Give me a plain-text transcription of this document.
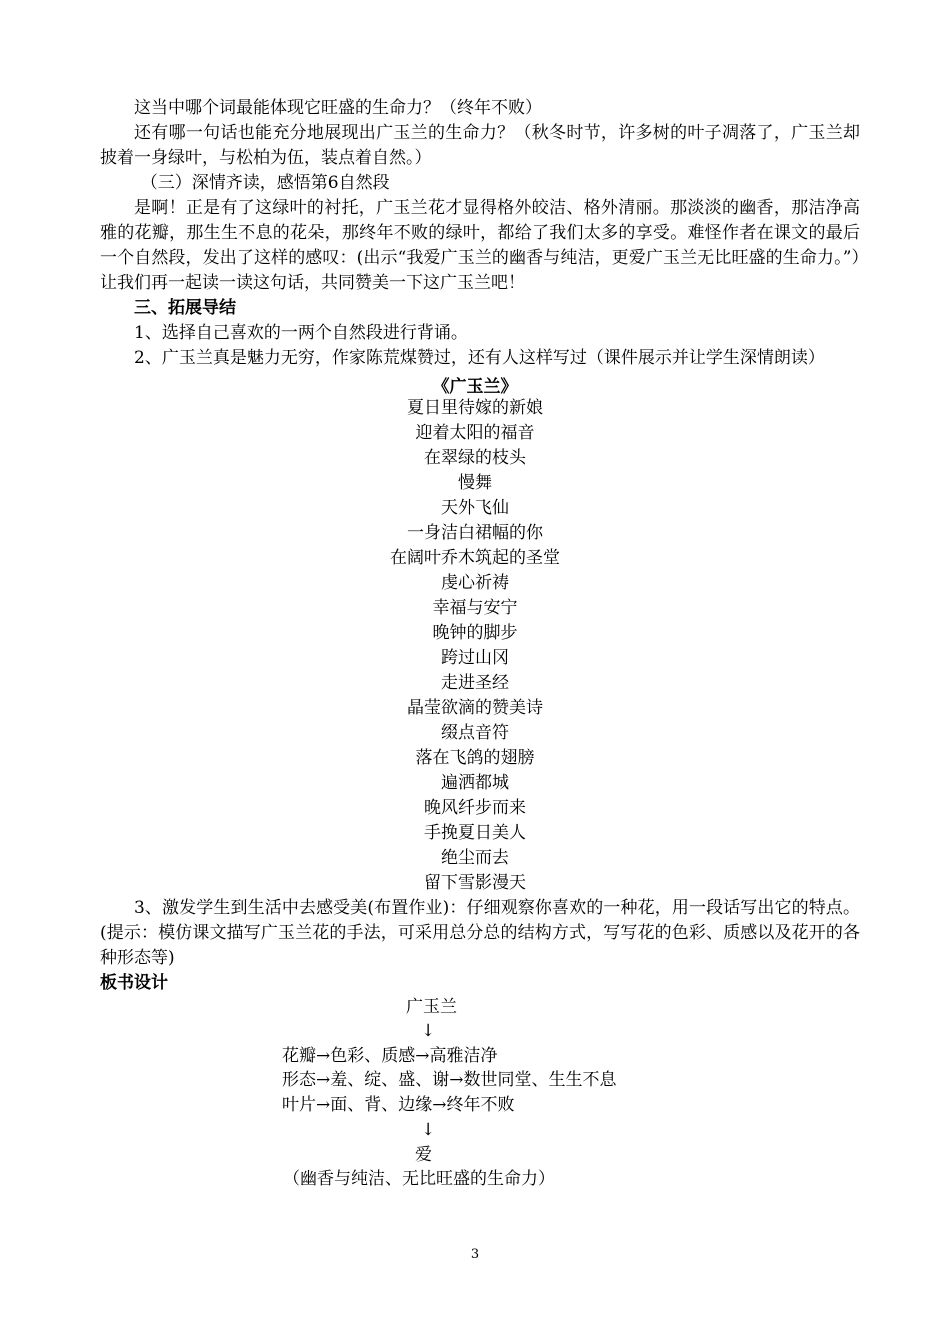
这当中哪个词最能体现它旺盛的生命力？（终年不败）

还有哪一句话也能充分地展现出广玉兰的生命力？（秋冬时节，许多树的叶子凋落了，广玉兰却披着一身绿叶，与松柏为伍，装点着自然。）

（三）深情齐读，感悟第6自然段

是啊！正是有了这绿叶的衬托，广玉兰花才显得格外皎洁、格外清丽。那淡淡的幽香，那洁净高雅的花瓣，那生生不息的花朵，那终年不败的绿叶，都给了我们太多的享受。难怪作者在课文的最后一个自然段，发出了这样的感叹：(出示“我爱广玉兰的幽香与纯洁，更爱广玉兰无比旺盛的生命力。”）让我们再一起读一读这句话，共同赞美一下这广玉兰吧！

三、拓展导结

1、选择自己喜欢的一两个自然段进行背诵。

2、广玉兰真是魅力无穷，作家陈荒煤赞过，还有人这样写过（课件展示并让学生深情朗读）

《广玉兰》
夏日里待嫁的新娘
迎着太阳的福音
在翠绿的枝头
慢舞
天外飞仙
一身洁白裙幅的你
在阔叶乔木筑起的圣堂
虔心祈祷
幸福与安宁
晚钟的脚步
跨过山冈
走进圣经
晶莹欲滴的赞美诗
缀点音符
落在飞鸽的翅膀
遍洒都城
晚风纤步而来
手挽夏日美人
绝尘而去
留下雪影漫天

3、激发学生到生活中去感受美(布置作业)：仔细观察你喜欢的一种花，用一段话写出它的特点。(提示：模仿课文描写广玉兰花的手法，可采用总分总的结构方式，写写花的色彩、质感以及花开的各种形态等)

板书设计
广玉兰
↓
花瓣→色彩、质感→高雅洁净
形态→羞、绽、盛、谢→数世同堂、生生不息
叶片→面、背、边缘→终年不败
↓
爱
（幽香与纯洁、无比旺盛的生命力）
3
